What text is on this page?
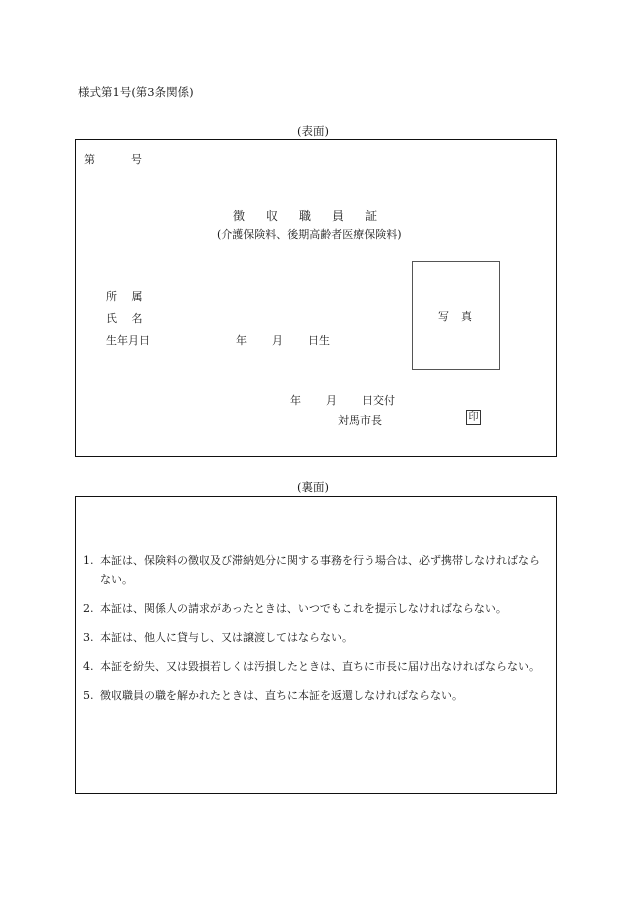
様式第1号(第3条関係)
(表面)
第	号
徴 収 職 員 証
(介護保険料、後期高齢者医療保険料)
所　 属
氏　 名
生年月日	年 月 日生
写真
年 月 日交付
対馬市長	印
(裏面)
1. 本証は、保険料の徴収及び滞納処分に関する事務を行う場合は、必ず携帯しなければならない。
2. 本証は、関係人の請求があったときは、いつでもこれを提示しなければならない。
3. 本証は、他人に貸与し、又は譲渡してはならない。
4. 本証を紛失、又は毀損若しくは汚損したときは、直ちに市長に届け出なければならない。
5. 徴収職員の職を解かれたときは、直ちに本証を返還しなければならない。
